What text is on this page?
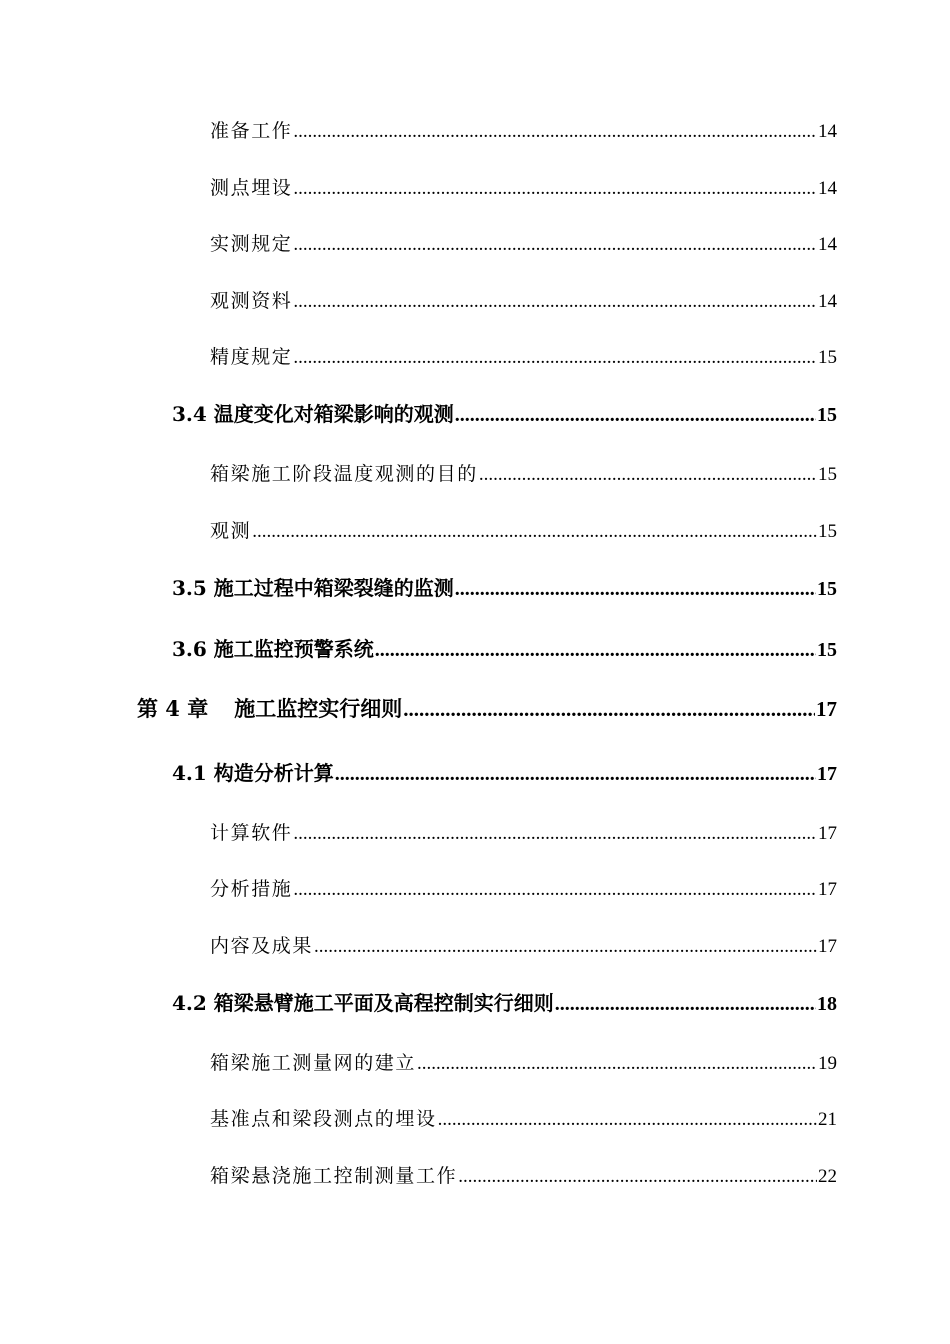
准备工作 .....	14
测点埋设 .....	14
实测规定 .....	14
观测资料 .....	14
精度规定 .....	15
3.4 温度变化对箱梁影响的观测 .....	15
箱梁施工阶段温度观测的目的 .....	15
观测 .....	15
3.5 施工过程中箱梁裂缝的监测 .....	15
3.6 施工监控预警系统 .....	15
第 4 章 施工监控实行细则 .....	17
4.1 构造分析计算 .....	17
计算软件 .....	17
分析措施 .....	17
内容及成果 .....	17
4.2 箱梁悬臂施工平面及高程控制实行细则 .....	18
箱梁施工测量网的建立 .....	19
基准点和梁段测点的埋设 .....	21
箱梁悬浇施工控制测量工作 .....	22
